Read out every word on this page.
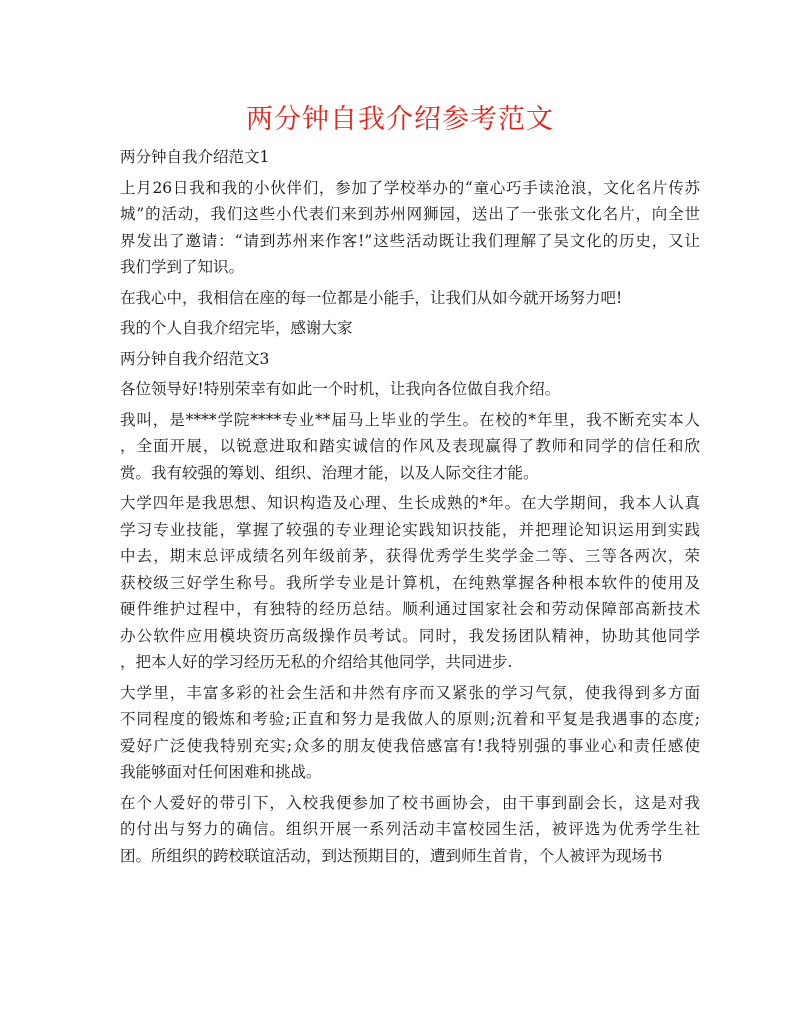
两分钟自我介绍参考范文
两分钟自我介绍范文1
上月26日我和我的小伙伴们，参加了学校举办的“童心巧手读沧浪，文化名片传苏
城”的活动，我们这些小代表们来到苏州网狮园，送出了一张张文化名片，向全世
界发出了邀请：“请到苏州来作客!”这些活动既让我们理解了吴文化的历史，又让
我们学到了知识。
在我心中，我相信在座的每一位都是小能手，让我们从如今就开场努力吧!
我的个人自我介绍完毕，感谢大家
两分钟自我介绍范文3
各位领导好!特别荣幸有如此一个时机，让我向各位做自我介绍。
我叫，是****学院****专业**届马上毕业的学生。在校的*年里，我不断充实本人
，全面开展，以锐意进取和踏实诚信的作风及表现赢得了教师和同学的信任和欣
赏。我有较强的筹划、组织、治理才能，以及人际交往才能。
大学四年是我思想、知识构造及心理、生长成熟的*年。在大学期间，我本人认真
学习专业技能，掌握了较强的专业理论实践知识技能，并把理论知识运用到实践
中去，期末总评成绩名列年级前茅，获得优秀学生奖学金二等、三等各两次，荣
获校级三好学生称号。我所学专业是计算机，在纯熟掌握各种根本软件的使用及
硬件维护过程中，有独特的经历总结。顺利通过国家社会和劳动保障部高新技术
办公软件应用模块资历高级操作员考试。同时，我发扬团队精神，协助其他同学
，把本人好的学习经历无私的介绍给其他同学，共同进步.
大学里，丰富多彩的社会生活和井然有序而又紧张的学习气氛，使我得到多方面
不同程度的锻炼和考验;正直和努力是我做人的原则;沉着和平复是我遇事的态度;
爱好广泛使我特别充实;众多的朋友使我倍感富有!我特别强的事业心和责任感使
我能够面对任何困难和挑战。
在个人爱好的带引下，入校我便参加了校书画协会，由干事到副会长，这是对我
的付出与努力的确信。组织开展一系列活动丰富校园生活，被评选为优秀学生社
团。所组织的跨校联谊活动，到达预期目的，遭到师生首肯，个人被评为现场书
